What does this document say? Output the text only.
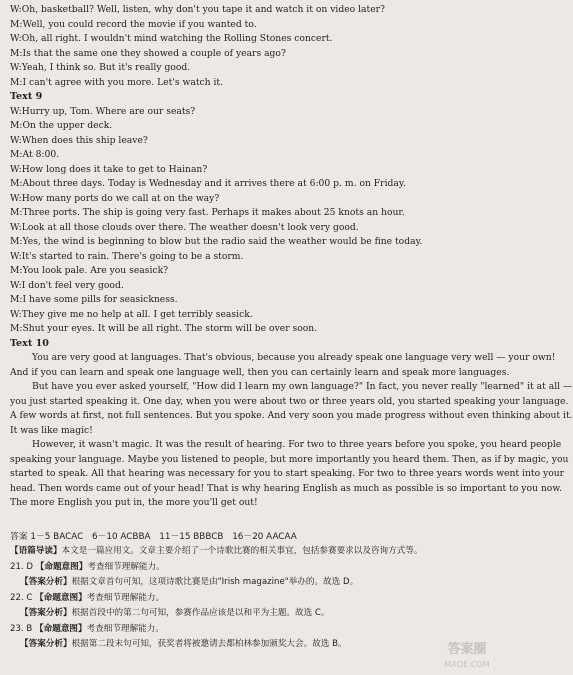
W:Oh, basketball? Well, listen, why don't you tape it and watch it on video later?
M:Well, you could record the movie if you wanted to.
W:Oh, all right. I wouldn't mind watching the Rolling Stones concert.
M:Is that the same one they showed a couple of years ago?
W:Yeah, I think so. But it's really good.
M:I can't agree with you more. Let's watch it.
Text 9
W:Hurry up, Tom. Where are our seats?
M:On the upper deck.
W:When does this ship leave?
M:At 8:00.
W:How long does it take to get to Hainan?
M:About three days. Today is Wednesday and it arrives there at 6:00 p. m. on Friday.
W:How many ports do we call at on the way?
M:Three ports. The ship is going very fast. Perhaps it makes about 25 knots an hour.
W:Look at all those clouds over there. The weather doesn't look very good.
M:Yes, the wind is beginning to blow but the radio said the weather would be fine today.
W:It's started to rain. There's going to be a storm.
M:You look pale. Are you seasick?
W:I don't feel very good.
M:I have some pills for seasickness.
W:They give me no help at all. I get terribly seasick.
M:Shut your eyes. It will be all right. The storm will be over soon.
Text 10
You are very good at languages. That's obvious, because you already speak one language very well — your own!
And if you can learn and speak one language well, then you can certainly learn and speak more languages.
But have you ever asked yourself, "How did I learn my own language?" In fact, you never really "learned" it at all —
you just started speaking it. One day, when you were about two or three years old, you started speaking your language.
A few words at first, not full sentences. But you spoke. And very soon you made progress without even thinking about it.
It was like magic!
However, it wasn't magic. It was the result of hearing. For two to three years before you spoke, you heard people
speaking your language. Maybe you listened to people, but more importantly you heard them. Then, as if by magic, you
started to speak. All that hearing was necessary for you to start speaking. For two to three years words went into your
head. Then words came out of your head! That is why hearing English as much as possible is so important to you now.
The more English you put in, the more you'll get out!
答案 1－5 BACAC　6－10 ACBBA　11－15 BBBCB　16－20 AACAA
【语篇导读】本文是一篇应用文。文章主要介绍了一个诗歌比赛的相关事宜，包括参赛要求以及咨询方式等。
21. D 【命题意图】考查细节理解能力。
【答案分析】根据文章首句可知，这项诗歌比赛是由"Irish magazine"举办的。故选 D。
22. C 【命题意图】考查细节理解能力。
【答案分析】根据首段中的第二句可知，参赛作品应该是以和平为主题。故选 C。
23. B 【命题意图】考查细节理解能力。
【答案分析】根据第二段末句可知，获奖者将被邀请去都柏林参加颁奖大会。故选 B。	答案圈
MXQE.COM
